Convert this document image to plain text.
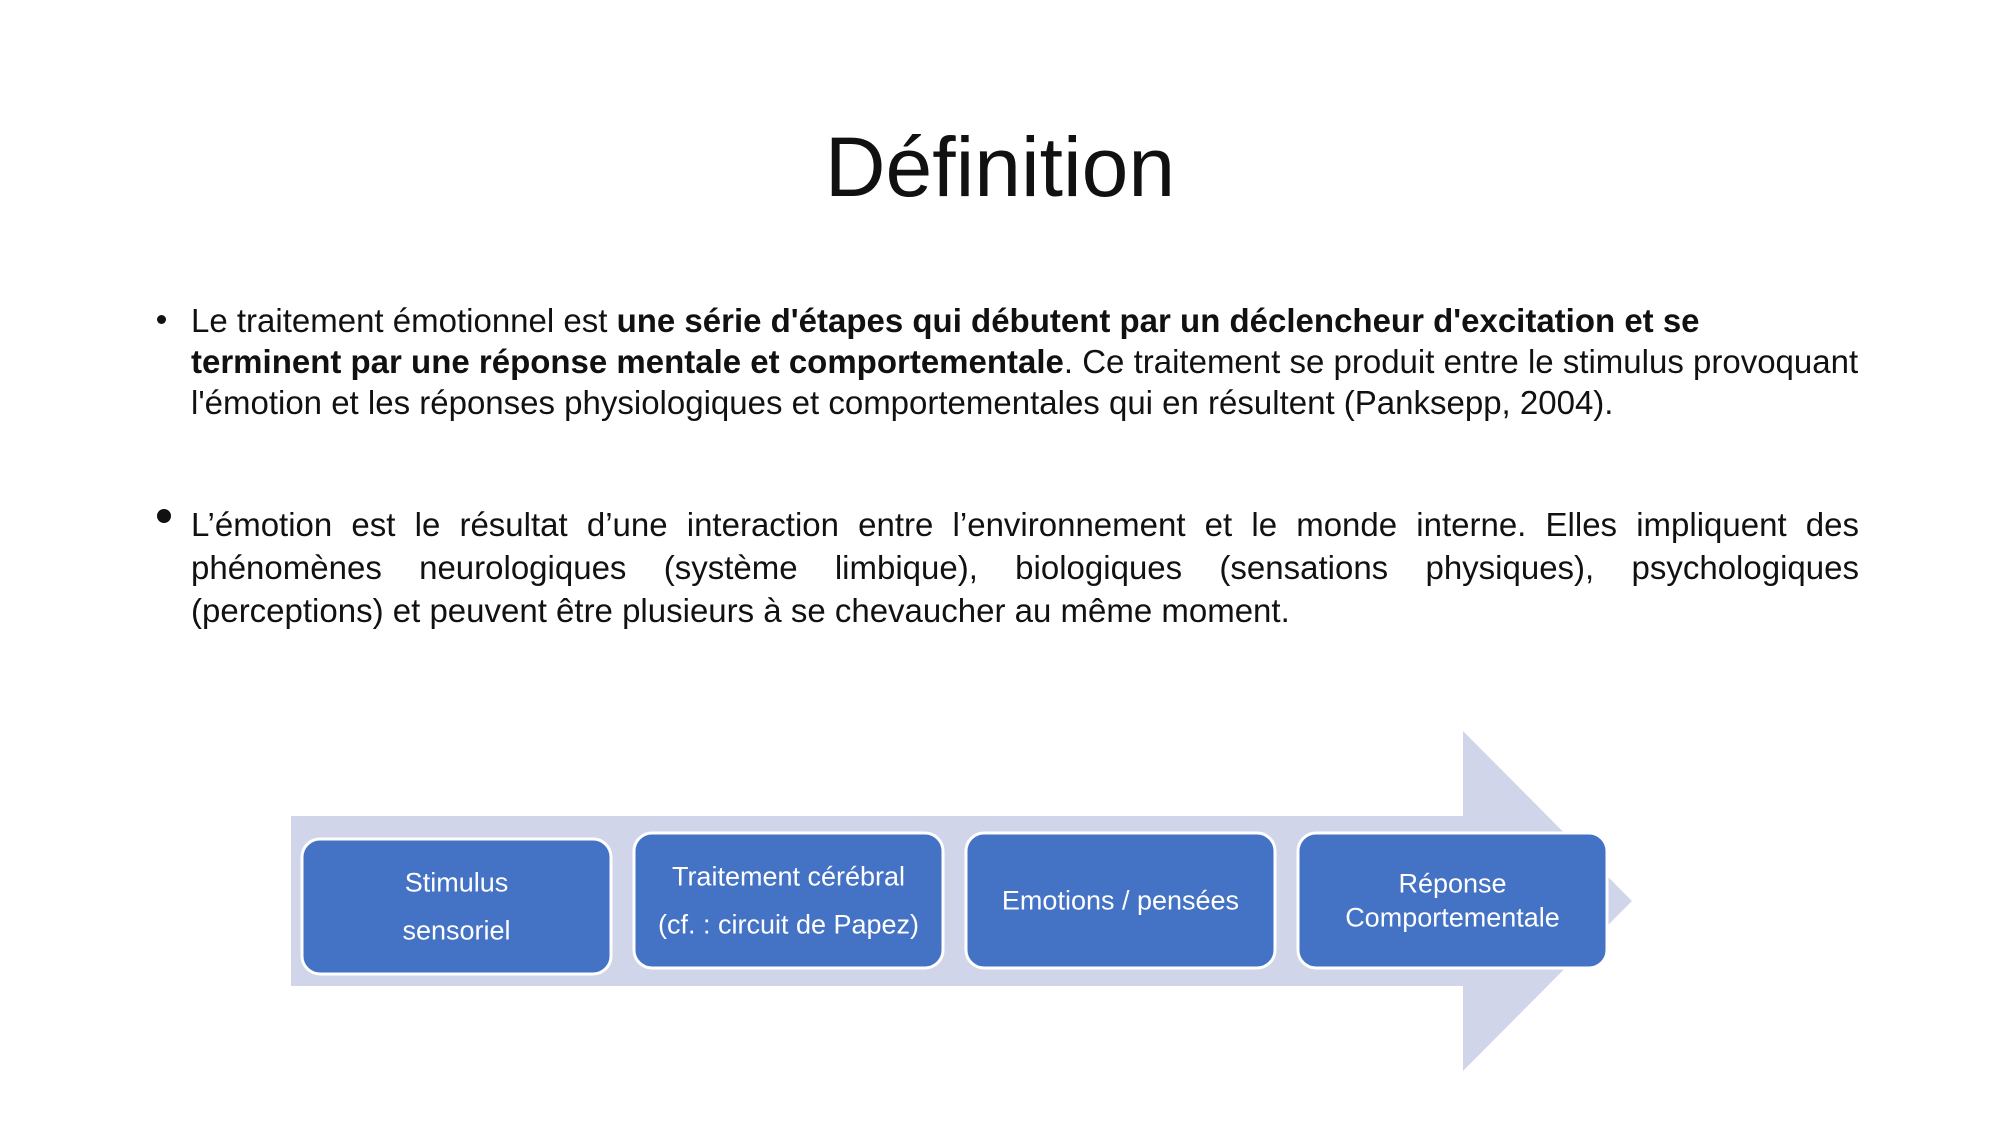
Définition
Le traitement émotionnel est une série d'étapes qui débutent par un déclencheur d'excitation et se terminent par une réponse mentale et comportementale. Ce traitement se produit entre le stimulus provoquant l'émotion et les réponses physiologiques et comportementales qui en résultent (Panksepp, 2004).
L’émotion est le résultat d’une interaction entre l’environnement et le monde interne. Elles impliquent des phénomènes neurologiques (système limbique), biologiques (sensations physiques), psychologiques (perceptions) et peuvent être plusieurs à se chevaucher au même moment.
Stimulus
sensoriel
Traitement cérébral
(cf. : circuit de Papez)
Emotions / pensées
Réponse
Comportementale
